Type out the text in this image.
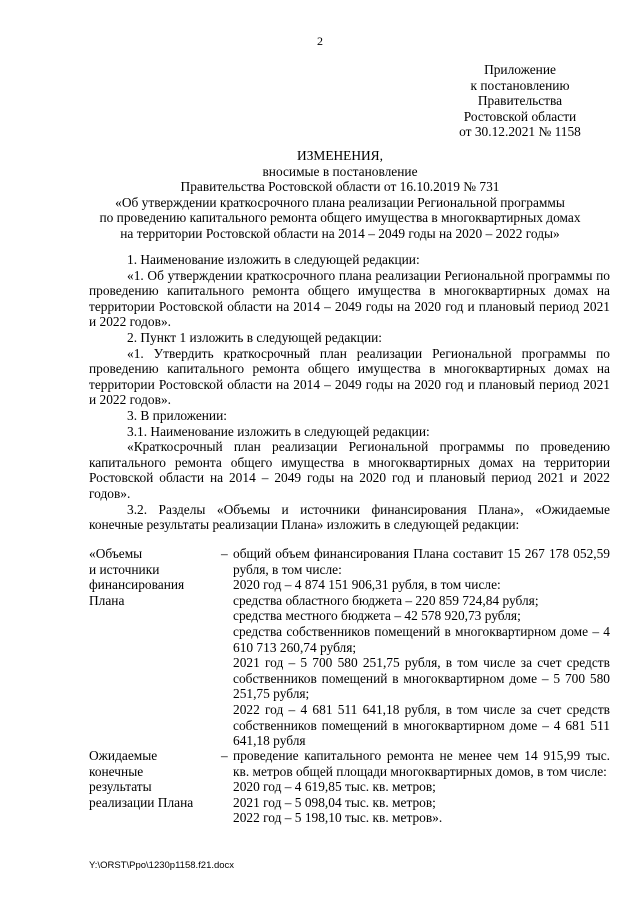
2
Приложение
к постановлению
Правительства
Ростовской области
от 30.12.2021 № 1158
ИЗМЕНЕНИЯ,
вносимые в постановление
Правительства Ростовской области от 16.10.2019 № 731
«Об утверждении краткосрочного плана реализации Региональной программы
по проведению капитального ремонта общего имущества в многоквартирных домах
на территории Ростовской области на 2014 – 2049 годы на 2020 – 2022 годы»

1. Наименование изложить в следующей редакции:

«1. Об утверждении краткосрочного плана реализации Региональной программы по проведению капитального ремонта общего имущества в многоквартирных домах на территории Ростовской области на 2014 – 2049 годы на 2020 год и плановый период 2021 и 2022 годов».

2. Пункт 1 изложить в следующей редакции:

«1. Утвердить краткосрочный план реализации Региональной программы по проведению капитального ремонта общего имущества в многоквартирных домах на территории Ростовской области на 2014 – 2049 годы на 2020 год и плановый период 2021 и 2022 годов».

3. В приложении:

3.1. Наименование изложить в следующей редакции:

«Краткосрочный план реализации Региональной программы по проведению капитального ремонта общего имущества в многоквартирных домах на территории Ростовской области на 2014 – 2049 годы на 2020 год и плановый период 2021 и 2022 годов».

3.2. Разделы «Объемы и источники финансирования Плана», «Ожидаемые конечные результаты реализации Плана» изложить в следующей редакции:

«Объемы
и источники
финансирования
Плана
– общий объем финансирования Плана составит 15 267 178 052,59 рубля, в том числе:
2020 год – 4 874 151 906,31 рубля, в том числе:
средства областного бюджета – 220 859 724,84 рубля;
средства местного бюджета – 42 578 920,73 рубля;
средства собственников помещений в многоквартирном доме – 4 610 713 260,74 рубля;
2021 год – 5 700 580 251,75 рубля, в том числе за счет средств собственников помещений в многоквартирном доме – 5 700 580 251,75 рубля;
2022 год – 4 681 511 641,18 рубля, в том числе за счет средств собственников помещений в многоквартирном доме – 4 681 511 641,18 рубля
Ожидаемые
конечные
результаты
реализации Плана
– проведение капитального ремонта не менее чем 14 915,99 тыс. кв. метров общей площади многоквартирных домов, в том числе:
2020 год – 4 619,85 тыс. кв. метров;
2021 год – 5 098,04 тыс. кв. метров;
2022 год – 5 198,10 тыс. кв. метров».
Y:\ORST\Ppo\1230p1158.f21.docx
